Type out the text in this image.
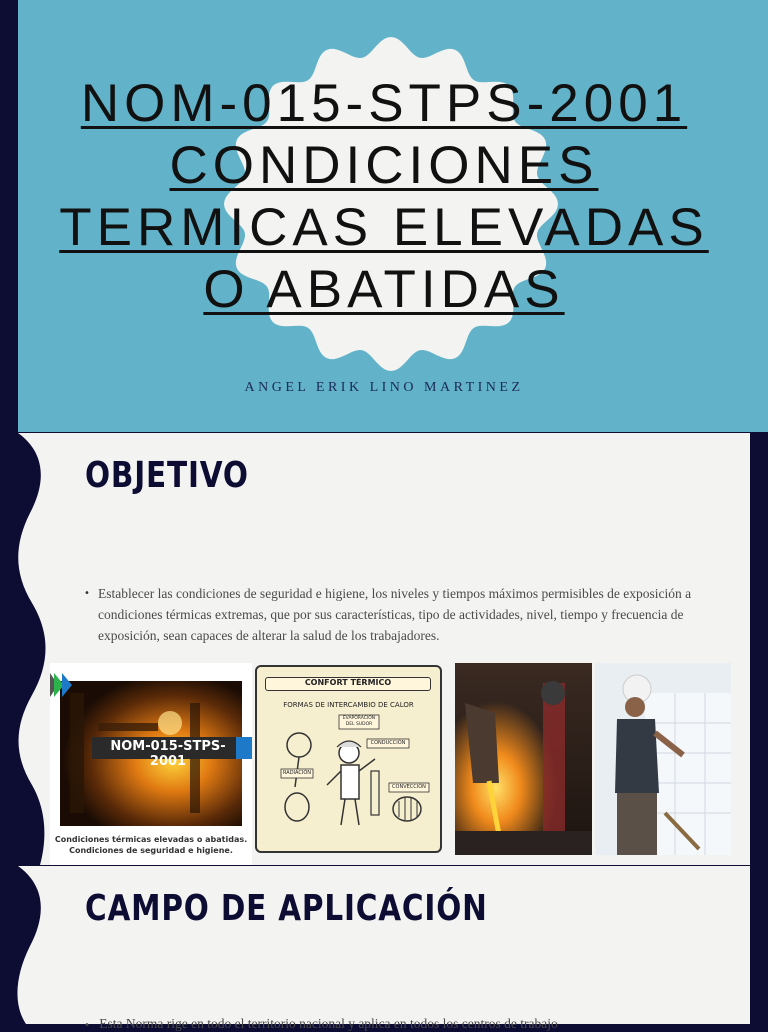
NOM-015-STPS-2001
CONDICIONES
TERMICAS ELEVADAS
O ABATIDAS
ANGEL ERIK LINO MARTINEZ
OBJETIVO
• Establecer las condiciones de seguridad e higiene, los niveles y tiempos máximos permisibles de exposición a condiciones térmicas extremas, que por sus características, tipo de actividades, nivel, tiempo y frecuencia de exposición, sean capaces de alterar la salud de los trabajadores.
NOM-015-STPS-2001
Condiciones térmicas elevadas o abatidas.
Condiciones de seguridad e higiene.
CONFORT TÉRMICO
FORMAS DE INTERCAMBIO DE CALOR
EVAPORACIÓN DEL SUDOR
CONDUCCIÓN
RADIACIÓN
CONVECCIÓN
CAMPO DE APLICACIÓN
• Esta Norma rige en todo el territorio nacional y aplica en todos los centros de trabajo
